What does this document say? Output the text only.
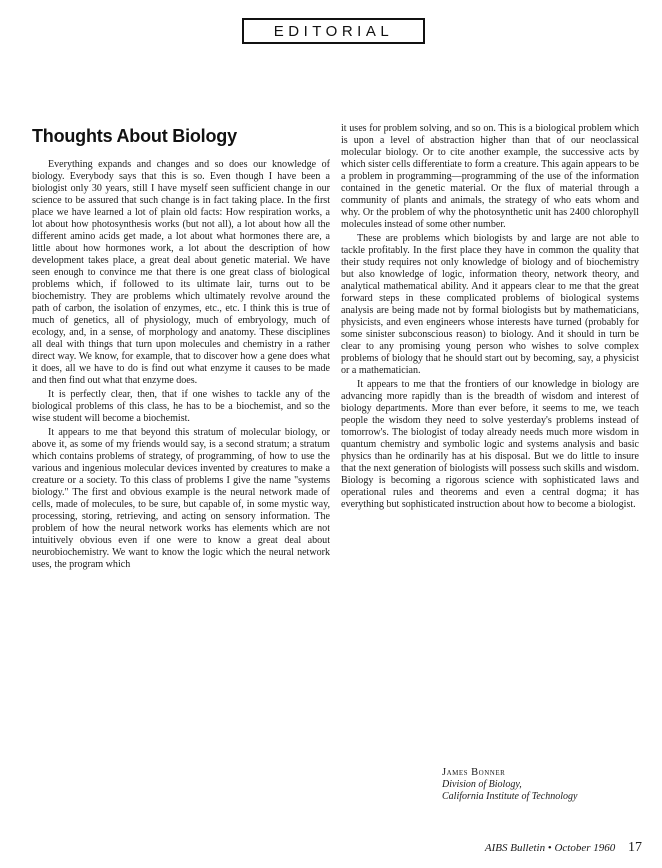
EDITORIAL
Thoughts About Biology

Everything expands and changes and so does our knowledge of biology. Everybody says that this is so. Even though I have been a biologist only 30 years, still I have myself seen sufficient change in our science to be assured that such change is in fact taking place. In the first place we have learned a lot of plain old facts: How respiration works, a lot about how photosynthesis works (but not all), a lot about how all the different amino acids get made, a lot about what hormones there are, a little about how hormones work, a lot about the description of how development takes place, a great deal about genetic material. We have seen enough to convince me that there is one great class of biological problems which, if followed to its ultimate lair, turns out to be biochemistry. They are problems which ultimately revolve around the path of carbon, the isolation of enzymes, etc., etc. I think this is true of much of genetics, all of physiology, much of embryology, much of ecology, and, in a sense, of morphology and anatomy. These disciplines all deal with things that turn upon molecules and chemistry in a rather direct way. We know, for example, that to discover how a gene does what it does, all we have to do is find out what enzyme it causes to be made and then find out what that enzyme does.

It is perfectly clear, then, that if one wishes to tackle any of the biological problems of this class, he has to be a biochemist, and so the wise student will become a biochemist.

It appears to me that beyond this stratum of molecular biology, or above it, as some of my friends would say, is a second stratum; a stratum which contains problems of strategy, of programming, of how to use the various and ingenious molecular devices invented by creatures to make a creature or a society. To this class of problems I give the name "systems biology." The first and obvious example is the neural network made of cells, made of molecules, to be sure, but capable of, in some mystic way, processing, storing, retrieving, and acting on sensory information. The problem of how the neural network works has elements which are not intuitively obvious even if one were to know a great deal about neurobiochemistry. We want to know the logic which the neural network uses, the program which

it uses for problem solving, and so on. This is a biological problem which is upon a level of abstraction higher than that of our neoclassical molecular biology. Or to cite another example, the successive acts by which sister cells differentiate to form a creature. This again appears to be a problem in programming—programming of the use of the information contained in the genetic material. Or the flux of material through a community of plants and animals, the strategy of who eats whom and why. Or the problem of why the photosynthetic unit has 2400 chlorophyll molecules instead of some other number.

These are problems which biologists by and large are not able to tackle profitably. In the first place they have in common the quality that their study requires not only knowledge of biology and of biochemistry but also knowledge of logic, information theory, network theory, and analytical mathematical ability. And it appears clear to me that the great forward steps in these complicated problems of biological systems analysis are being made not by formal biologists but by mathematicians, physicists, and even engineers whose interests have turned (probably for some sinister subconscious reason) to biology. And it should in turn be clear to any promising young person who wishes to solve complex problems of biology that he should start out by becoming, say, a physicist or a mathematician.

It appears to me that the frontiers of our knowledge in biology are advancing more rapidly than is the breadth of wisdom and interest of biology departments. More than ever before, it seems to me, we teach people the wisdom they need to solve yesterday's problems instead of tomorrow's. The biologist of today already needs much more wisdom in quantum chemistry and symbolic logic and systems analysis and basic physics than he ordinarily has at his disposal. But we do little to insure that the next generation of biologists will possess such skills and wisdom. Biology is becoming a rigorous science with sophisticated laws and operational rules and theorems and even a central dogma; it has everything but sophisticated instruction about how to become a biologist.

James Bonner
Division of Biology,
California Institute of Technology
AIBS Bulletin • October 1960 17
